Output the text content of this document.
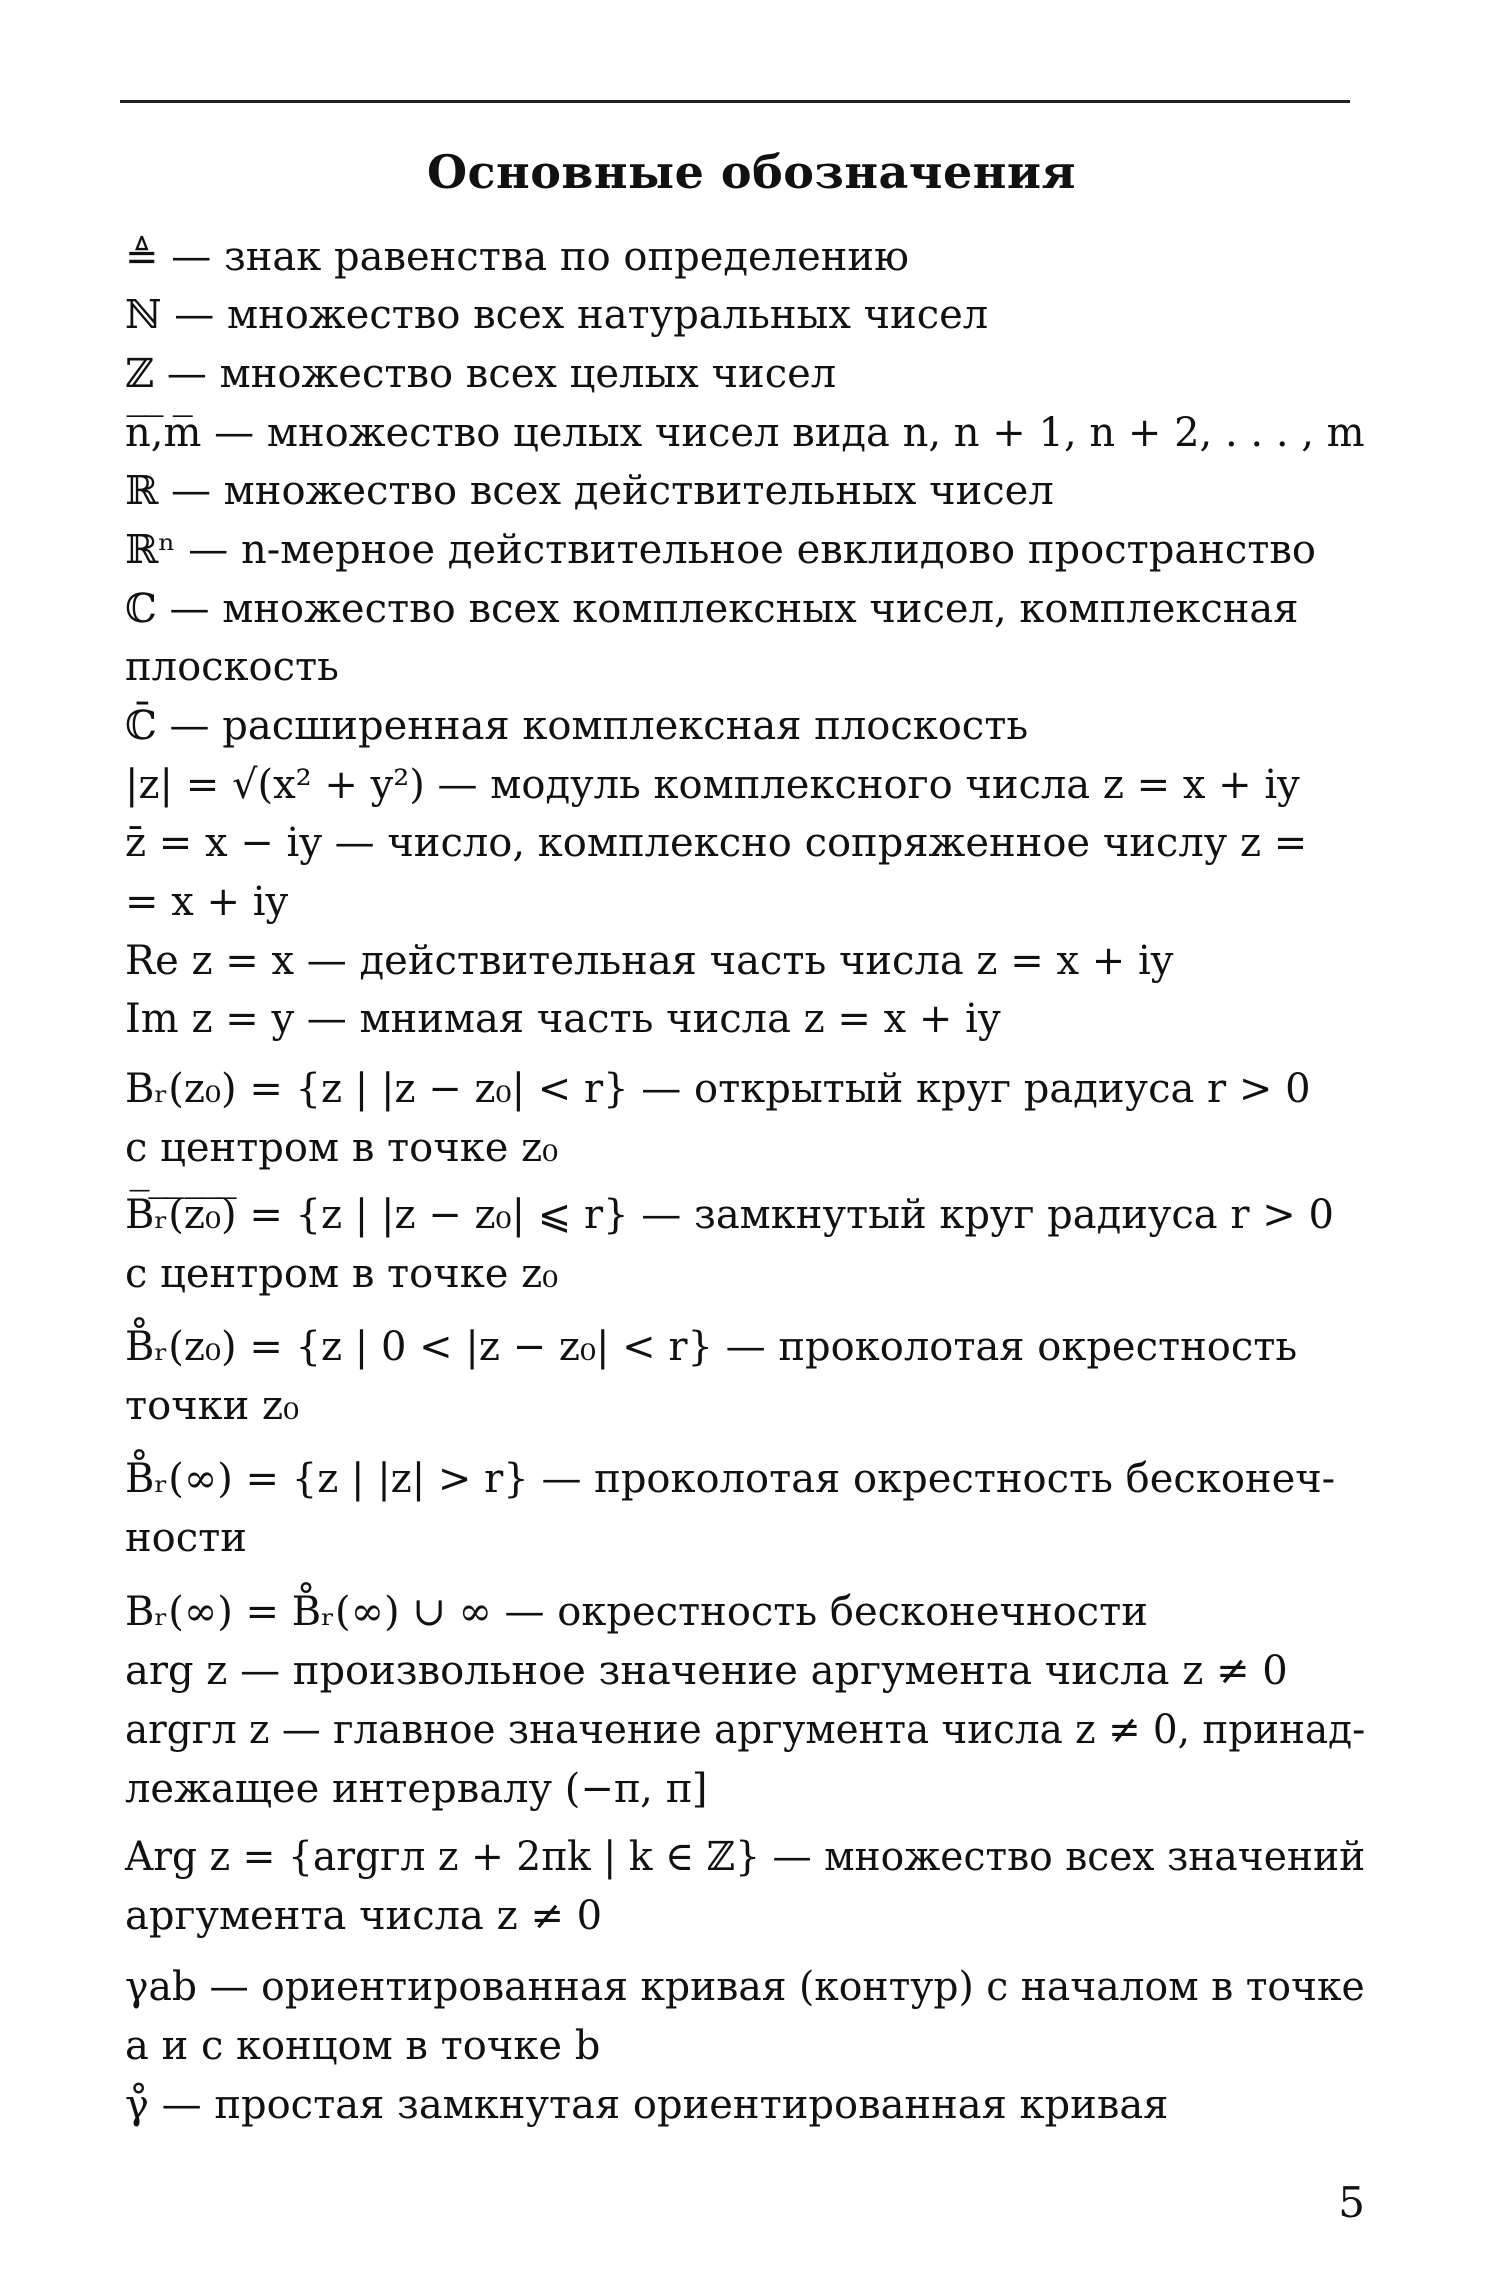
Основные обозначения
≜ — знак равенства по определению
ℕ — множество всех натуральных чисел
ℤ — множество всех целых чисел
n̅,̅m̅ — множество целых чисел вида n, n + 1, n + 2, . . . , m
ℝ — множество всех действительных чисел
ℝⁿ — n-мерное действительное евклидово пространство
ℂ — множество всех комплексных чисел, комплексная
плоскость
ℂ̄ — расширенная комплексная плоскость
|z| = √(x² + y²) — модуль комплексного числа z = x + iy
z̄ = x − iy — число, комплексно сопряженное числу z =
= x + iy
Re z = x — действительная часть числа z = x + iy
Im z = y — мнимая часть числа z = x + iy
Bᵣ(z₀) = {z | |z − z₀| < r} — открытый круг радиуса r > 0
с центром в точке z₀
B̅ᵣ̅(̅z̅₀̅)̅ = {z | |z − z₀| ⩽ r} — замкнутый круг радиуса r > 0
с центром в точке z₀
B̊ᵣ(z₀) = {z | 0 < |z − z₀| < r} — проколотая окрестность
точки z₀
B̊ᵣ(∞) = {z | |z| > r} — проколотая окрестность бесконеч-
ности
Bᵣ(∞) = B̊ᵣ(∞) ∪ ∞ — окрестность бесконечности
arg z — произвольное значение аргумента числа z ≠ 0
argгл z — главное значение аргумента числа z ≠ 0, принад-
лежащее интервалу (−π, π]
Arg z = {argгл z + 2πk | k ∈ ℤ} — множество всех значений
аргумента числа z ≠ 0
γab — ориентированная кривая (контур) с началом в точке
a и с концом в точке b
γ̊ — простая замкнутая ориентированная кривая
5
